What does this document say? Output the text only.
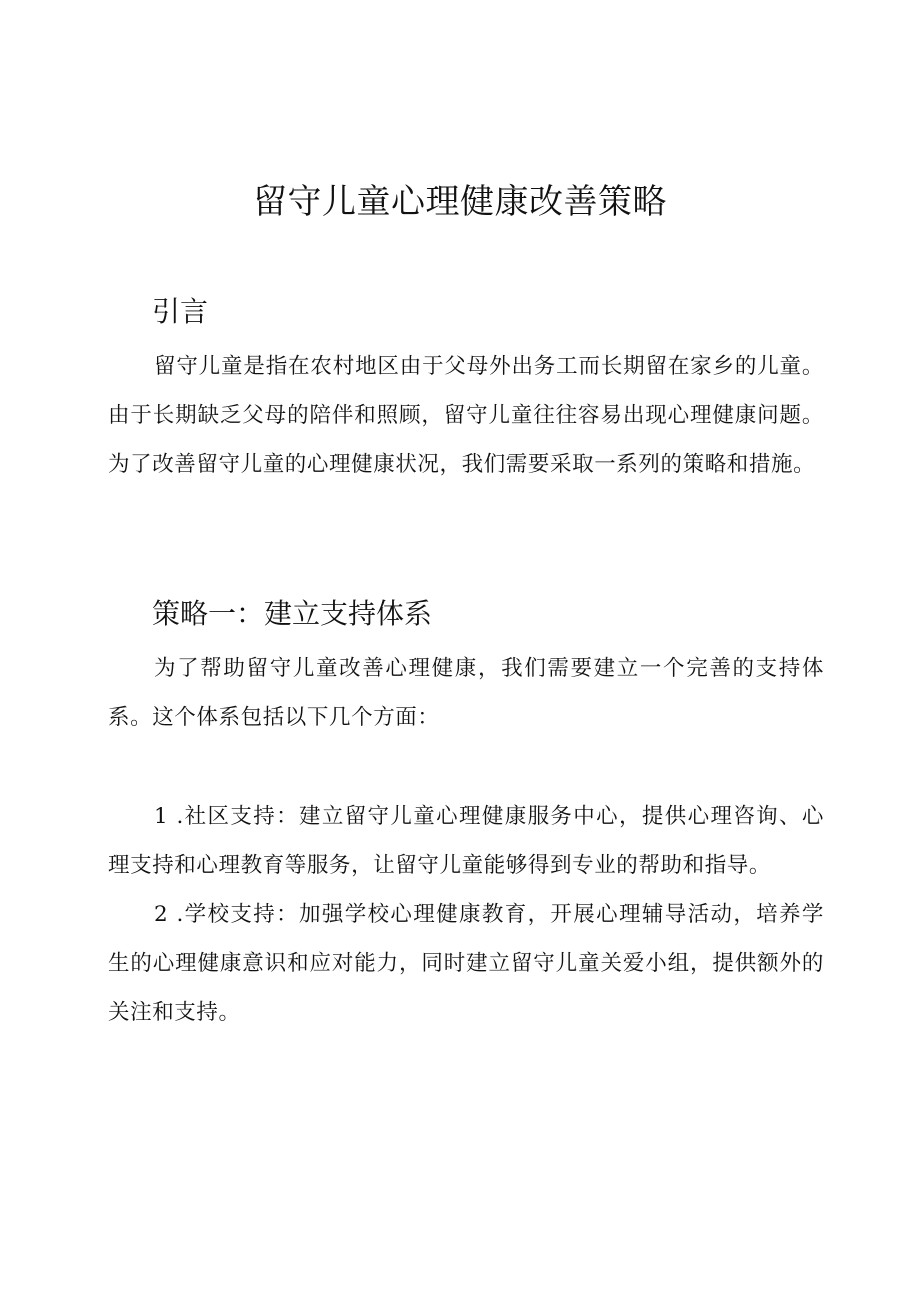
留守儿童心理健康改善策略
引言

留守儿童是指在农村地区由于父母外出务工而长期留在家乡的儿童。由于长期缺乏父母的陪伴和照顾，留守儿童往往容易出现心理健康问题。为了改善留守儿童的心理健康状况，我们需要采取一系列的策略和措施。

策略一：建立支持体系

为了帮助留守儿童改善心理健康，我们需要建立一个完善的支持体系。这个体系包括以下几个方面：

1 .社区支持：建立留守儿童心理健康服务中心，提供心理咨询、心理支持和心理教育等服务，让留守儿童能够得到专业的帮助和指导。

2 .学校支持：加强学校心理健康教育，开展心理辅导活动，培养学生的心理健康意识和应对能力，同时建立留守儿童关爱小组，提供额外的关注和支持。
